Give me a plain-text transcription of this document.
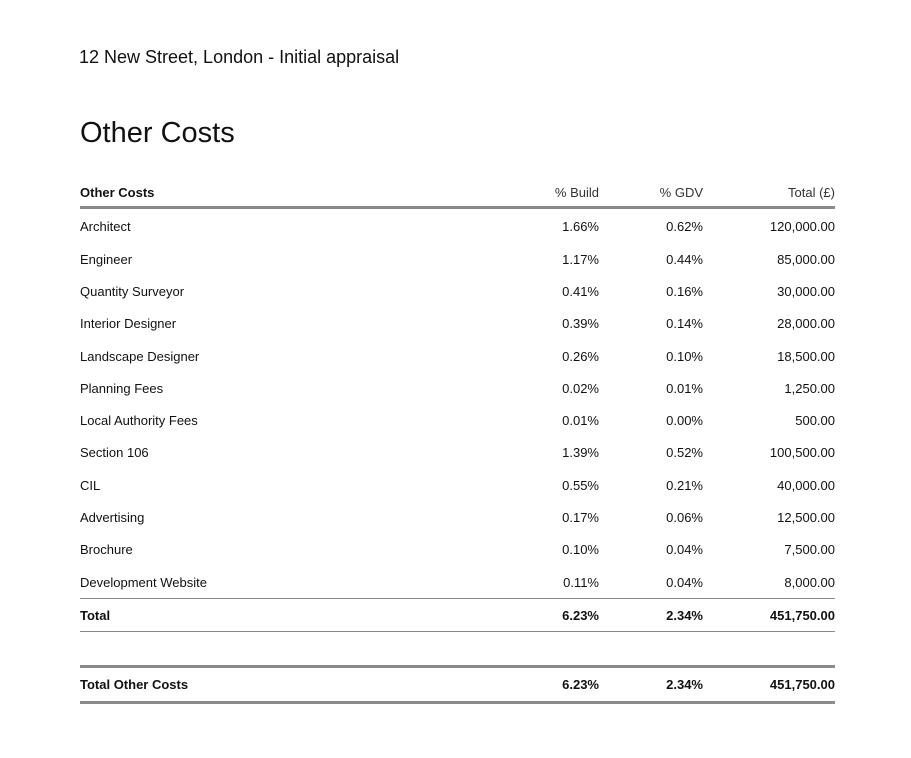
12 New Street, London - Initial appraisal
Other Costs
Other Costs	% Build	% GDV	Total (£)
Architect	1.66%	0.62%	120,000.00
Engineer	1.17%	0.44%	85,000.00
Quantity Surveyor	0.41%	0.16%	30,000.00
Interior Designer	0.39%	0.14%	28,000.00
Landscape Designer	0.26%	0.10%	18,500.00
Planning Fees	0.02%	0.01%	1,250.00
Local Authority Fees	0.01%	0.00%	500.00
Section 106	1.39%	0.52%	100,500.00
CIL	0.55%	0.21%	40,000.00
Advertising	0.17%	0.06%	12,500.00
Brochure	0.10%	0.04%	7,500.00
Development Website	0.11%	0.04%	8,000.00
Total	6.23%	2.34%	451,750.00
Total Other Costs	6.23%	2.34%	451,750.00
